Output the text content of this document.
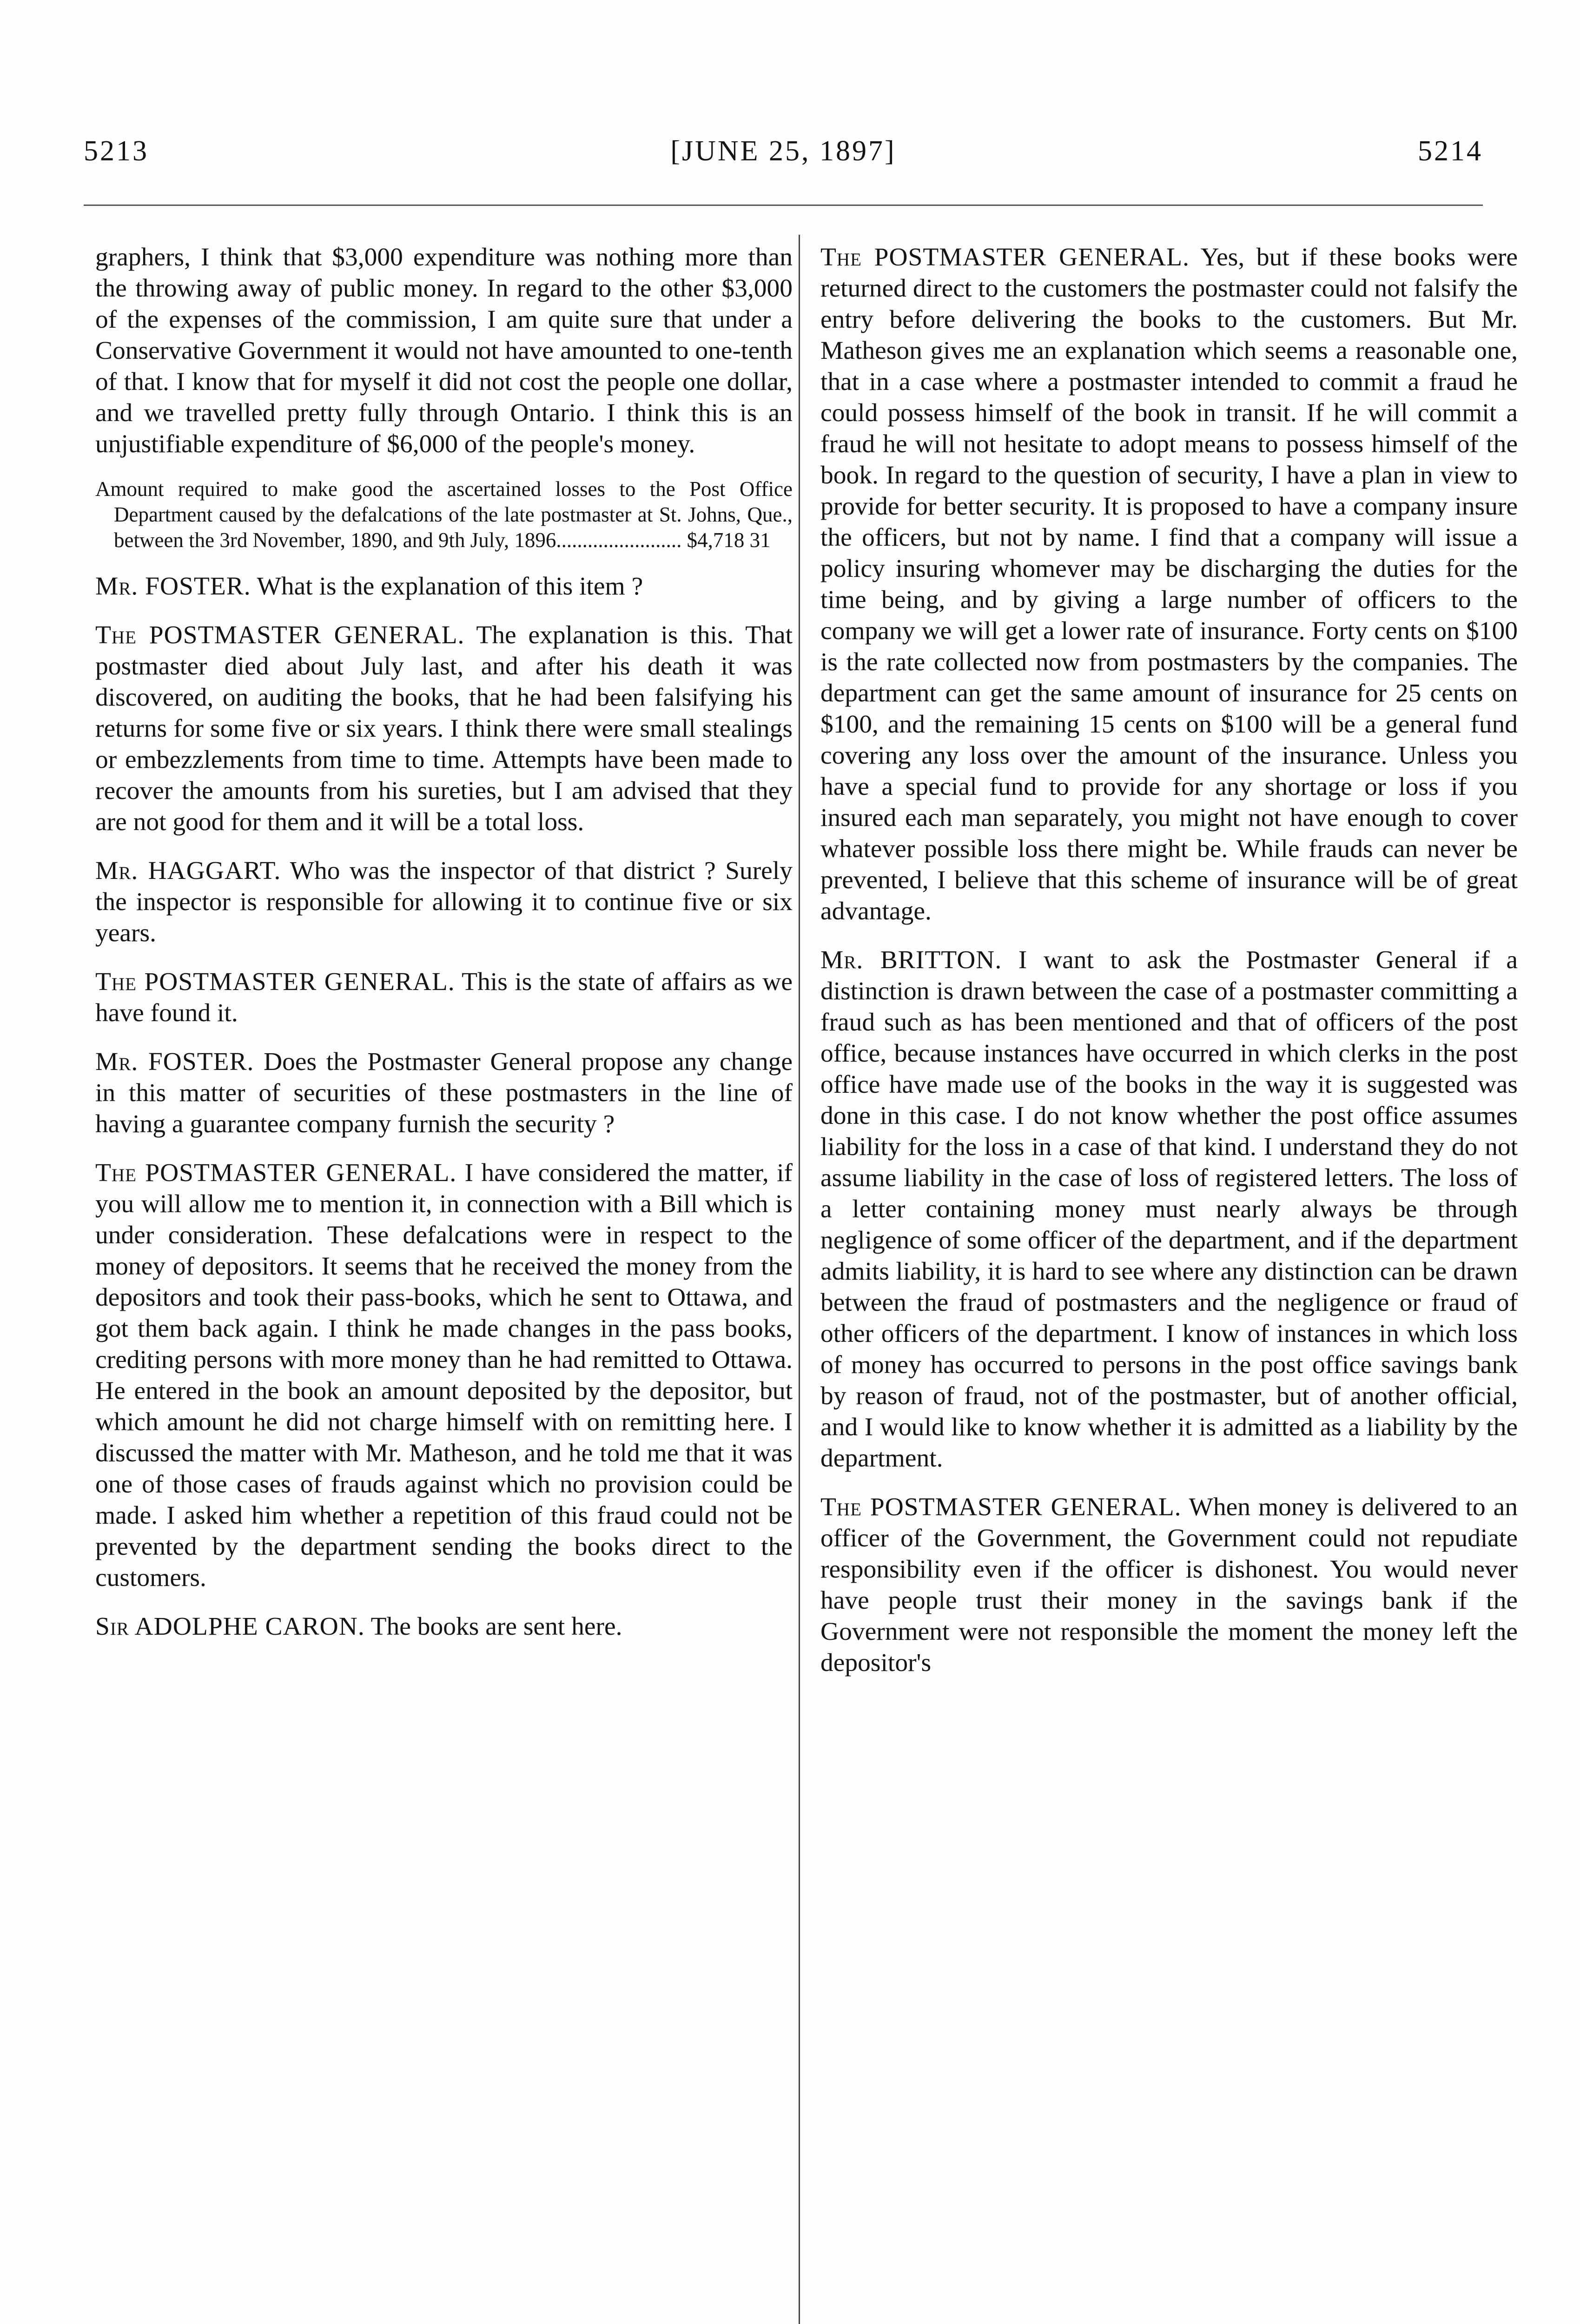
5213	[JUNE 25, 1897]	5214

graphers, I think that $3,000 expenditure was nothing more than the throwing away of public money. In regard to the other $3,000 of the expenses of the commission, I am quite sure that under a Conservative Government it would not have amounted to one-tenth of that. I know that for myself it did not cost the people one dollar, and we travelled pretty fully through Ontario. I think this is an unjustifiable expenditure of $6,000 of the people's money.

Amount required to make good the ascertained losses to the Post Office Department caused by the defalcations of the late postmaster at St. Johns, Que., between the 3rd November, 1890, and 9th July, 1896........................ $4,718 31

Mr. FOSTER. What is the explanation of this item ?

The POSTMASTER GENERAL. The explanation is this. That postmaster died about July last, and after his death it was discovered, on auditing the books, that he had been falsifying his returns for some five or six years. I think there were small stealings or embezzlements from time to time. Attempts have been made to recover the amounts from his sureties, but I am advised that they are not good for them and it will be a total loss.

Mr. HAGGART. Who was the inspector of that district ? Surely the inspector is responsible for allowing it to continue five or six years.

The POSTMASTER GENERAL. This is the state of affairs as we have found it.

Mr. FOSTER. Does the Postmaster General propose any change in this matter of securities of these postmasters in the line of having a guarantee company furnish the security ?

The POSTMASTER GENERAL. I have considered the matter, if you will allow me to mention it, in connection with a Bill which is under consideration. These defalcations were in respect to the money of depositors. It seems that he received the money from the depositors and took their pass-books, which he sent to Ottawa, and got them back again. I think he made changes in the pass books, crediting persons with more money than he had remitted to Ottawa. He entered in the book an amount deposited by the depositor, but which amount he did not charge himself with on remitting here. I discussed the matter with Mr. Matheson, and he told me that it was one of those cases of frauds against which no provision could be made. I asked him whether a repetition of this fraud could not be prevented by the department sending the books direct to the customers.

Sir ADOLPHE CARON. The books are sent here.

The POSTMASTER GENERAL. Yes, but if these books were returned direct to the customers the postmaster could not falsify the entry before delivering the books to the customers. But Mr. Matheson gives me an explanation which seems a reasonable one, that in a case where a postmaster intended to commit a fraud he could possess himself of the book in transit. If he will commit a fraud he will not hesitate to adopt means to possess himself of the book. In regard to the question of security, I have a plan in view to provide for better security. It is proposed to have a company insure the officers, but not by name. I find that a company will issue a policy insuring whomever may be discharging the duties for the time being, and by giving a large number of officers to the company we will get a lower rate of insurance. Forty cents on $100 is the rate collected now from postmasters by the companies. The department can get the same amount of insurance for 25 cents on $100, and the remaining 15 cents on $100 will be a general fund covering any loss over the amount of the insurance. Unless you have a special fund to provide for any shortage or loss if you insured each man separately, you might not have enough to cover whatever possible loss there might be. While frauds can never be prevented, I believe that this scheme of insurance will be of great advantage.

Mr. BRITTON. I want to ask the Postmaster General if a distinction is drawn between the case of a postmaster committing a fraud such as has been mentioned and that of officers of the post office, because instances have occurred in which clerks in the post office have made use of the books in the way it is suggested was done in this case. I do not know whether the post office assumes liability for the loss in a case of that kind. I understand they do not assume liability in the case of loss of registered letters. The loss of a letter containing money must nearly always be through negligence of some officer of the department, and if the department admits liability, it is hard to see where any distinction can be drawn between the fraud of postmasters and the negligence or fraud of other officers of the department. I know of instances in which loss of money has occurred to persons in the post office savings bank by reason of fraud, not of the postmaster, but of another official, and I would like to know whether it is admitted as a liability by the department.

The POSTMASTER GENERAL. When money is delivered to an officer of the Government, the Government could not repudiate responsibility even if the officer is dishonest. You would never have people trust their money in the savings bank if the Government were not responsible the moment the money left the depositor's
